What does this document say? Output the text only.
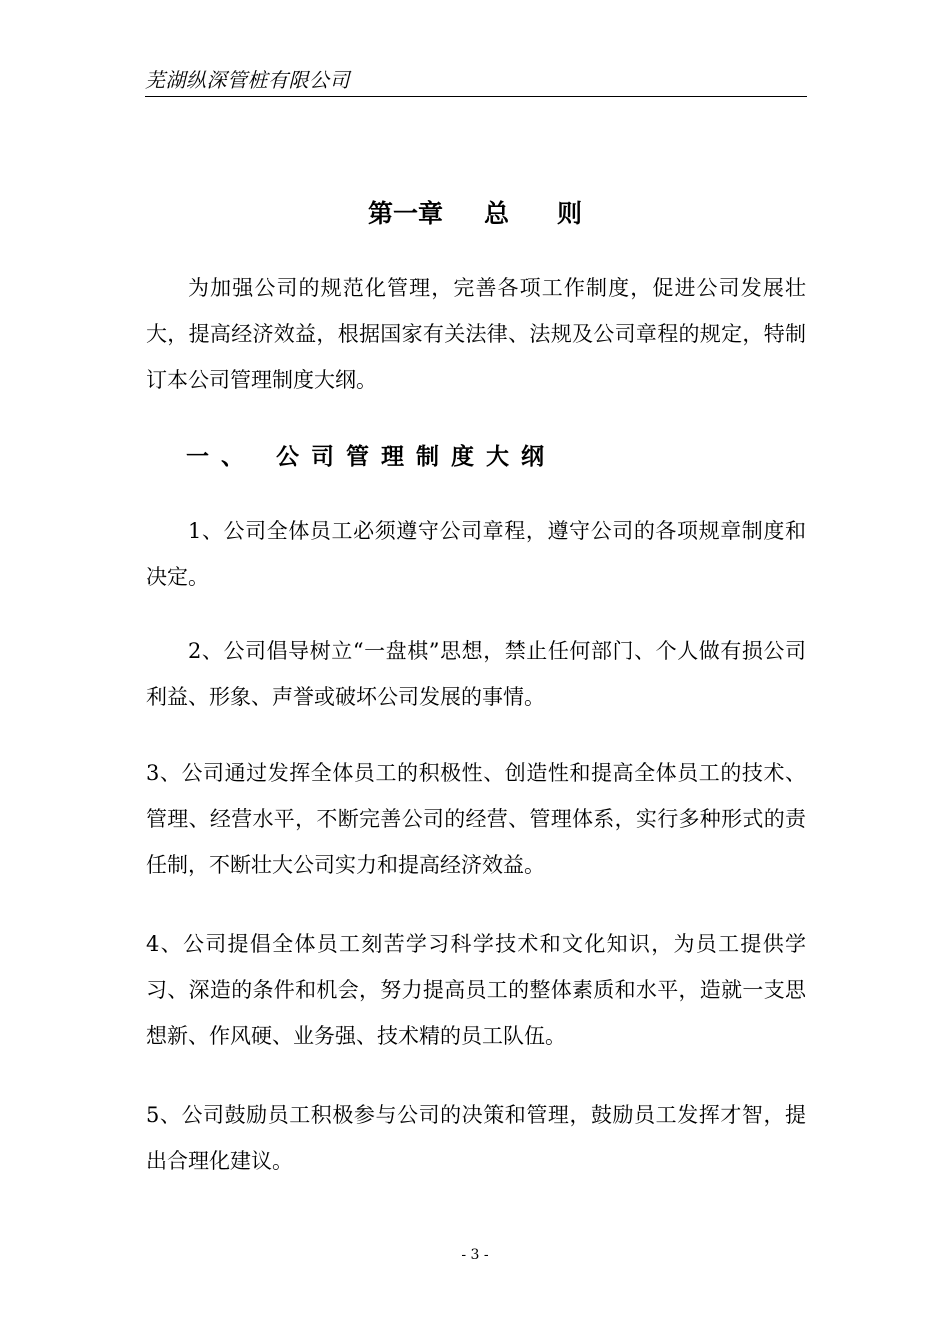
芜湖纵深管桩有限公司
第一章 总 则

为加强公司的规范化管理，完善各项工作制度，促进公司发展壮大，提高经济效益，根据国家有关法律、法规及公司章程的规定，特制订本公司管理制度大纲。

一、 公司管理制度大纲

1、公司全体员工必须遵守公司章程，遵守公司的各项规章制度和决定。

2、公司倡导树立“一盘棋”思想，禁止任何部门、个人做有损公司利益、形象、声誉或破坏公司发展的事情。

3、公司通过发挥全体员工的积极性、创造性和提高全体员工的技术、管理、经营水平，不断完善公司的经营、管理体系，实行多种形式的责任制，不断壮大公司实力和提高经济效益。

4、公司提倡全体员工刻苦学习科学技术和文化知识，为员工提供学习、深造的条件和机会，努力提高员工的整体素质和水平，造就一支思想新、作风硬、业务强、技术精的员工队伍。

5、公司鼓励员工积极参与公司的决策和管理，鼓励员工发挥才智，提出合理化建议。

- 3 -
